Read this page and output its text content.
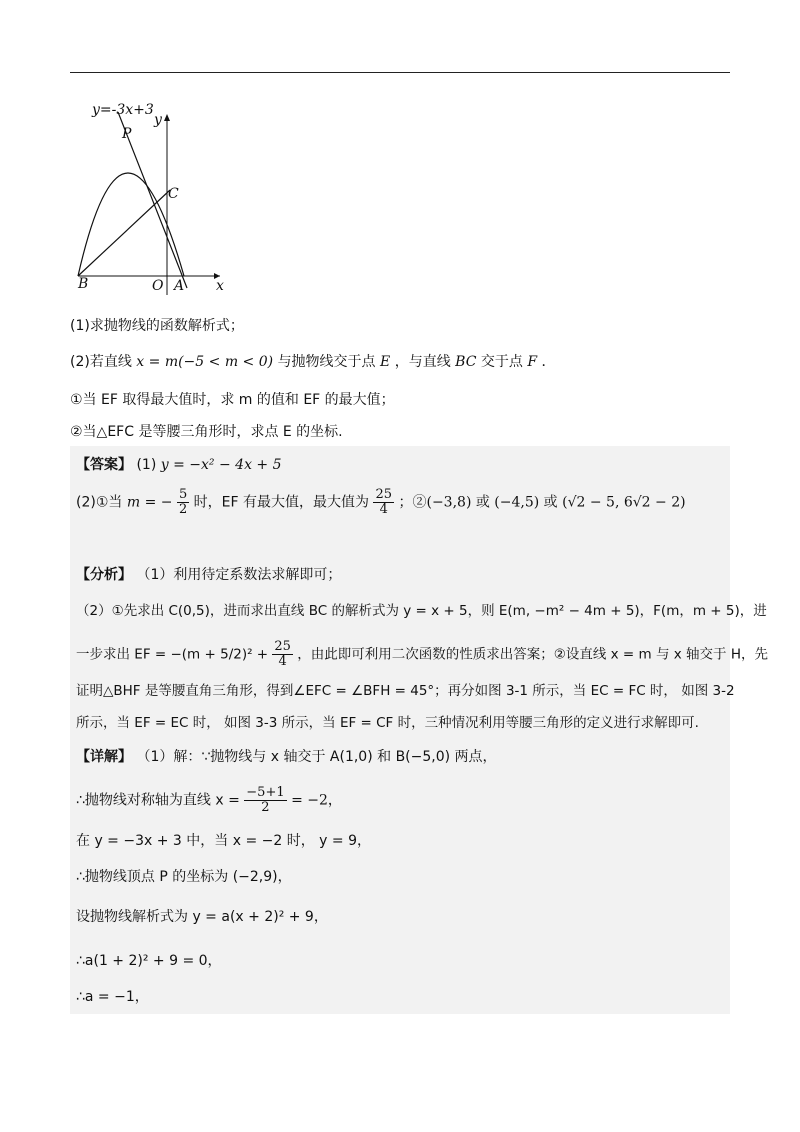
y=-3x+3
y
P
C
B	O A x
(1)求抛物线的函数解析式；
(2)若直线 x = m(−5 < m < 0) 与抛物线交于点 E ，与直线 BC 交于点 F ．
①当 EF 取得最大值时，求 m 的值和 EF 的最大值；
②当△EFC 是等腰三角形时，求点 E 的坐标.
【答案】 (1) y = −x² − 4x + 5
(2)①当 m = − $\frac{5}{2}$ 时，EF 有最大值，最大值为 $\frac{25}{4}$ ；②(−3,8) 或 (−4,5) 或 (√2 − 5, 6√2 − 2)
【分析】 （1）利用待定系数法求解即可；
（2）①先求出 C(0,5)，进而求出直线 BC 的解析式为 y = x + 5，则 E(m, −m² − 4m + 5)，F(m，m + 5)，进
一步求出 EF = $-(m + 5/2)^2 + \frac{25}{4}$ ，由此即可利用二次函数的性质求出答案；②设直线 x = m 与 x 轴交于 H，先
证明△BHF 是等腰直角三角形，得到∠EFC = ∠BFH = 45°；再分如图 3-1 所示，当 EC = FC 时， 如图 3-2
所示，当 EF = EC 时， 如图 3-3 所示，当 EF = CF 时，三种情况利用等腰三角形的定义进行求解即可.
【详解】 （1）解：∵抛物线与 x 轴交于 A(1,0) 和 B(−5,0) 两点，
∴抛物线对称轴为直线 $x = \frac{-5+1}{2} = -2$，
在 y = −3x + 3 中，当 x = −2 时， y = 9，
∴抛物线顶点 P 的坐标为 (−2,9)，
设抛物线解析式为 y = a(x + 2)² + 9，
∴a(1 + 2)² + 9 = 0，
∴a = −1，
